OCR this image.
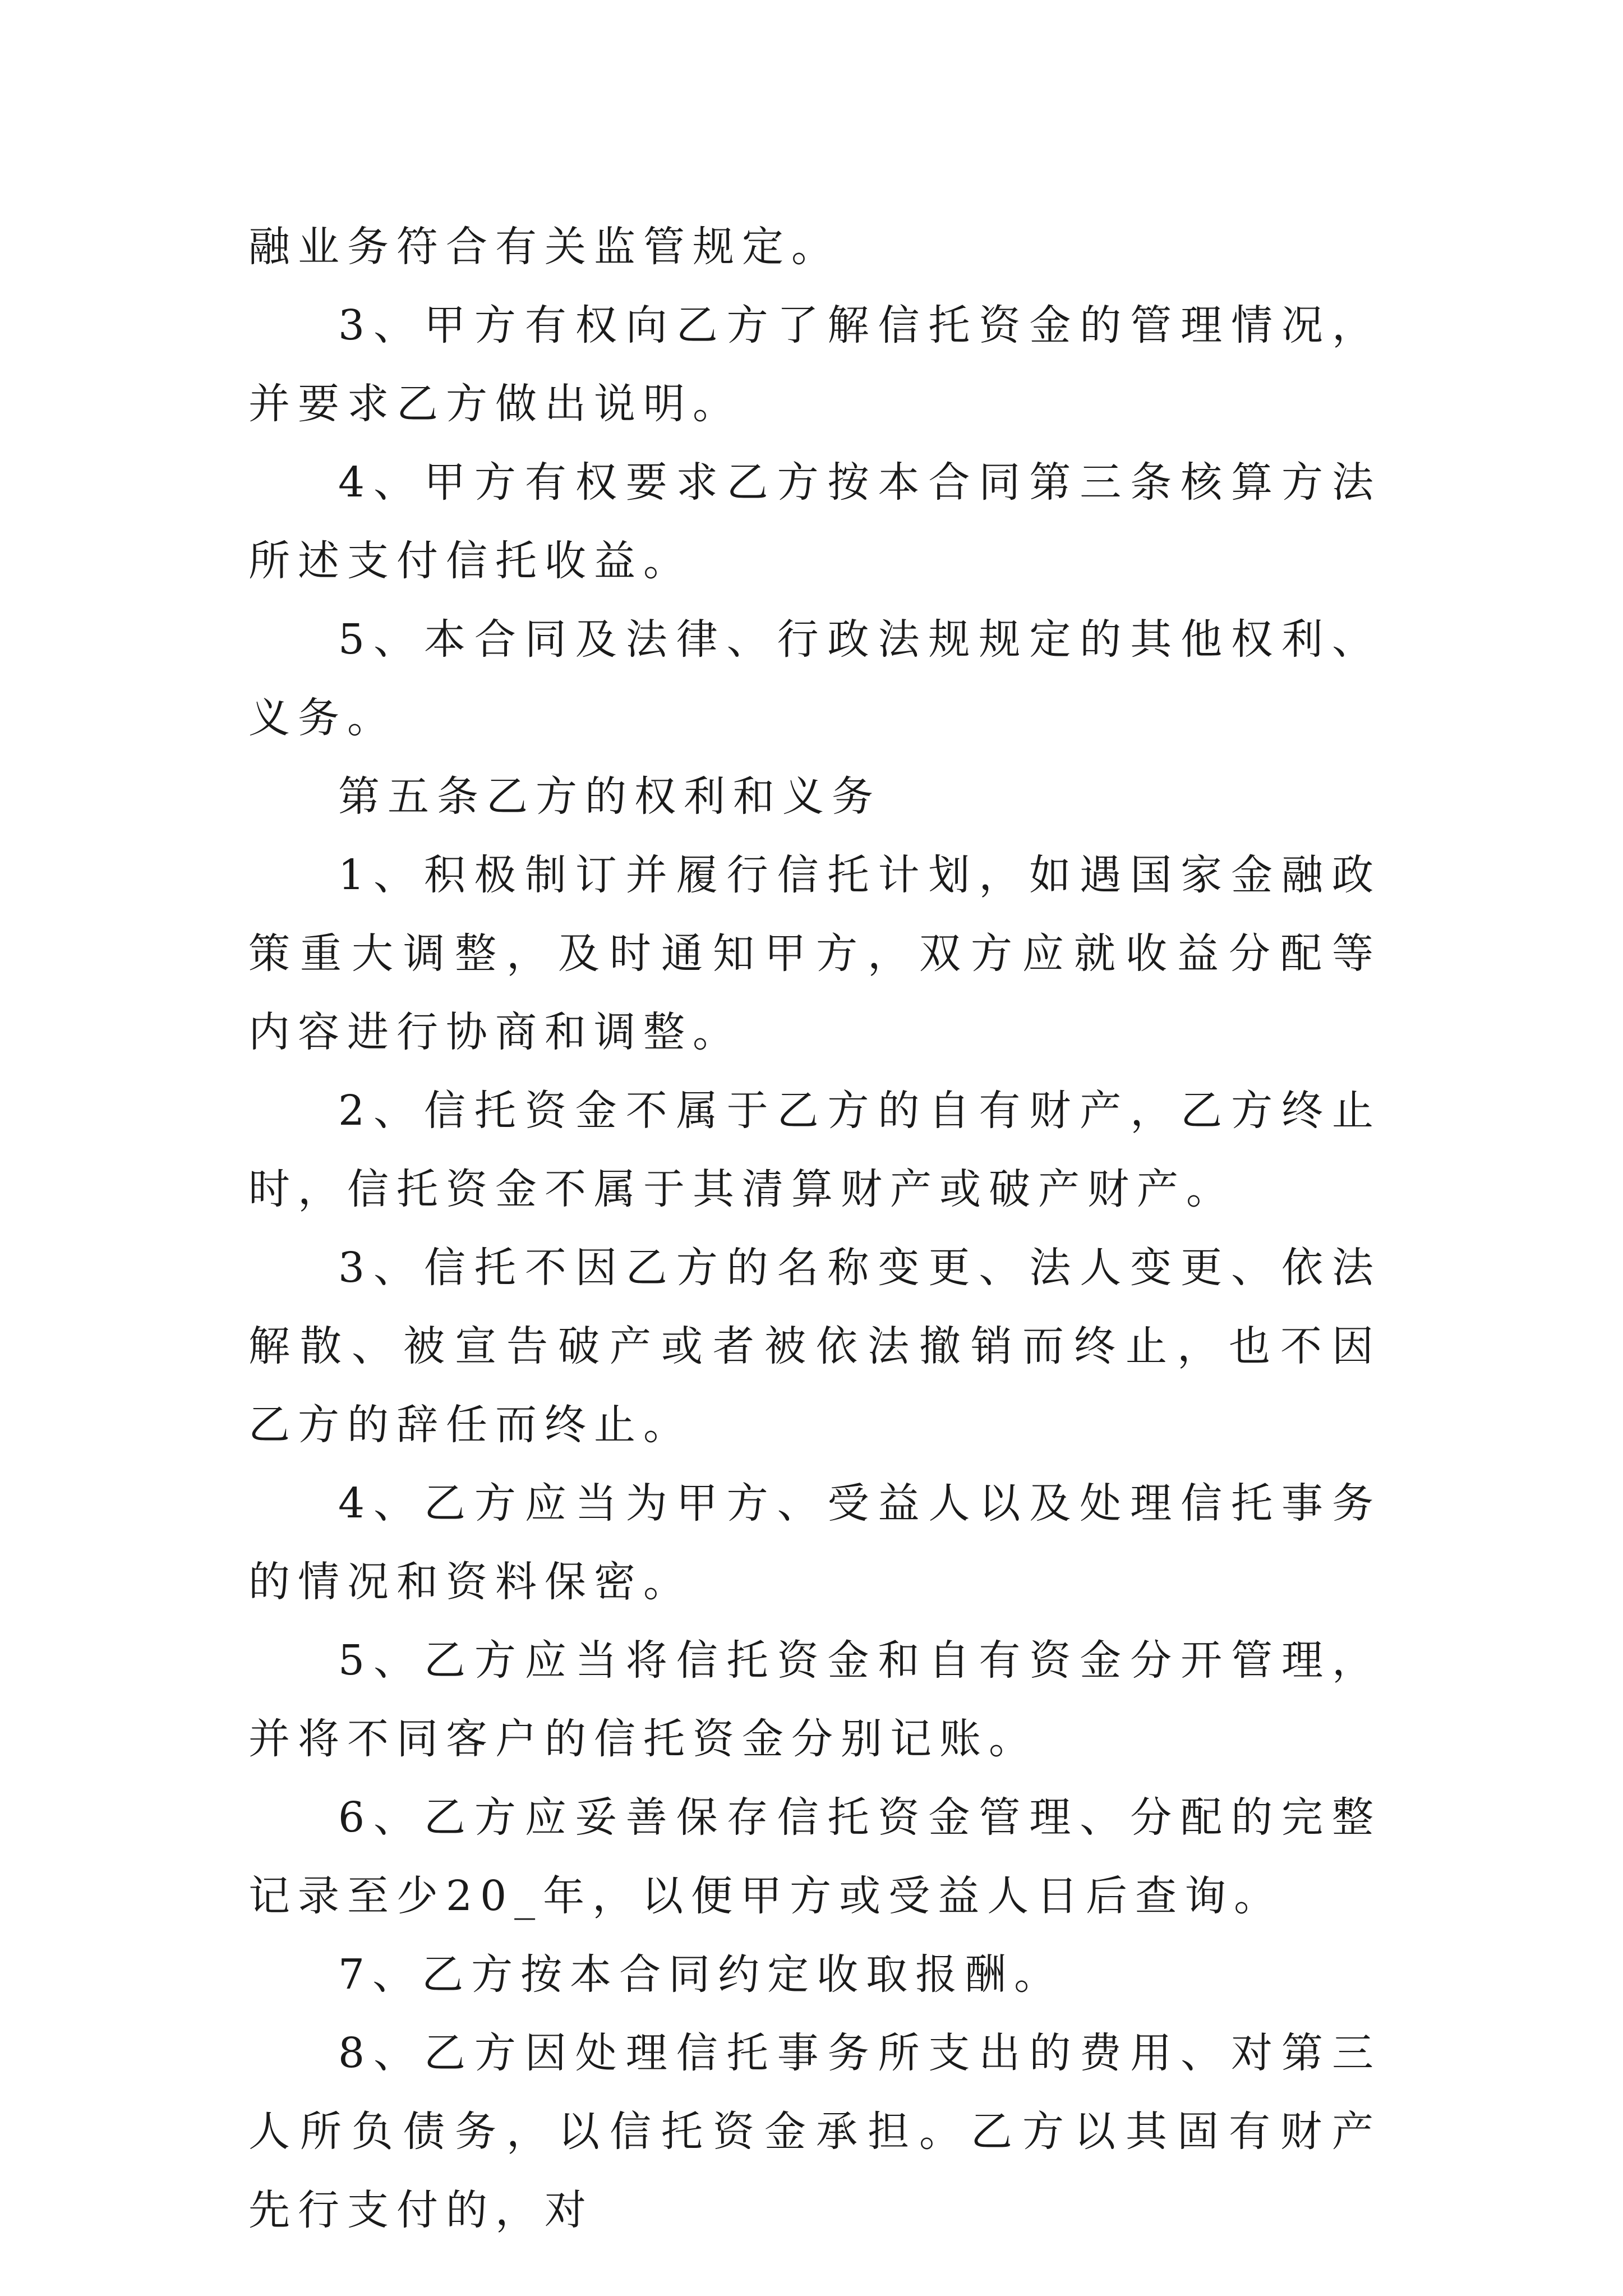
融业务符合有关监管规定。

3、甲方有权向乙方了解信托资金的管理情况，并要求乙方做出说明。

4、甲方有权要求乙方按本合同第三条核算方法所述支付信托收益。

5、本合同及法律、行政法规规定的其他权利、义务。

第五条乙方的权利和义务

1、积极制订并履行信托计划，如遇国家金融政策重大调整，及时通知甲方，双方应就收益分配等内容进行协商和调整。

2、信托资金不属于乙方的自有财产，乙方终止时，信托资金不属于其清算财产或破产财产。

3、信托不因乙方的名称变更、法人变更、依法解散、被宣告破产或者被依法撤销而终止，也不因乙方的辞任而终止。

4、乙方应当为甲方、受益人以及处理信托事务的情况和资料保密。

5、乙方应当将信托资金和自有资金分开管理，并将不同客户的信托资金分别记账。

6、乙方应妥善保存信托资金管理、分配的完整记录至少20_年，以便甲方或受益人日后查询。

7、乙方按本合同约定收取报酬。

8、乙方因处理信托事务所支出的费用、对第三人所负债务，以信托资金承担。乙方以其固有财产先行支付的，对
